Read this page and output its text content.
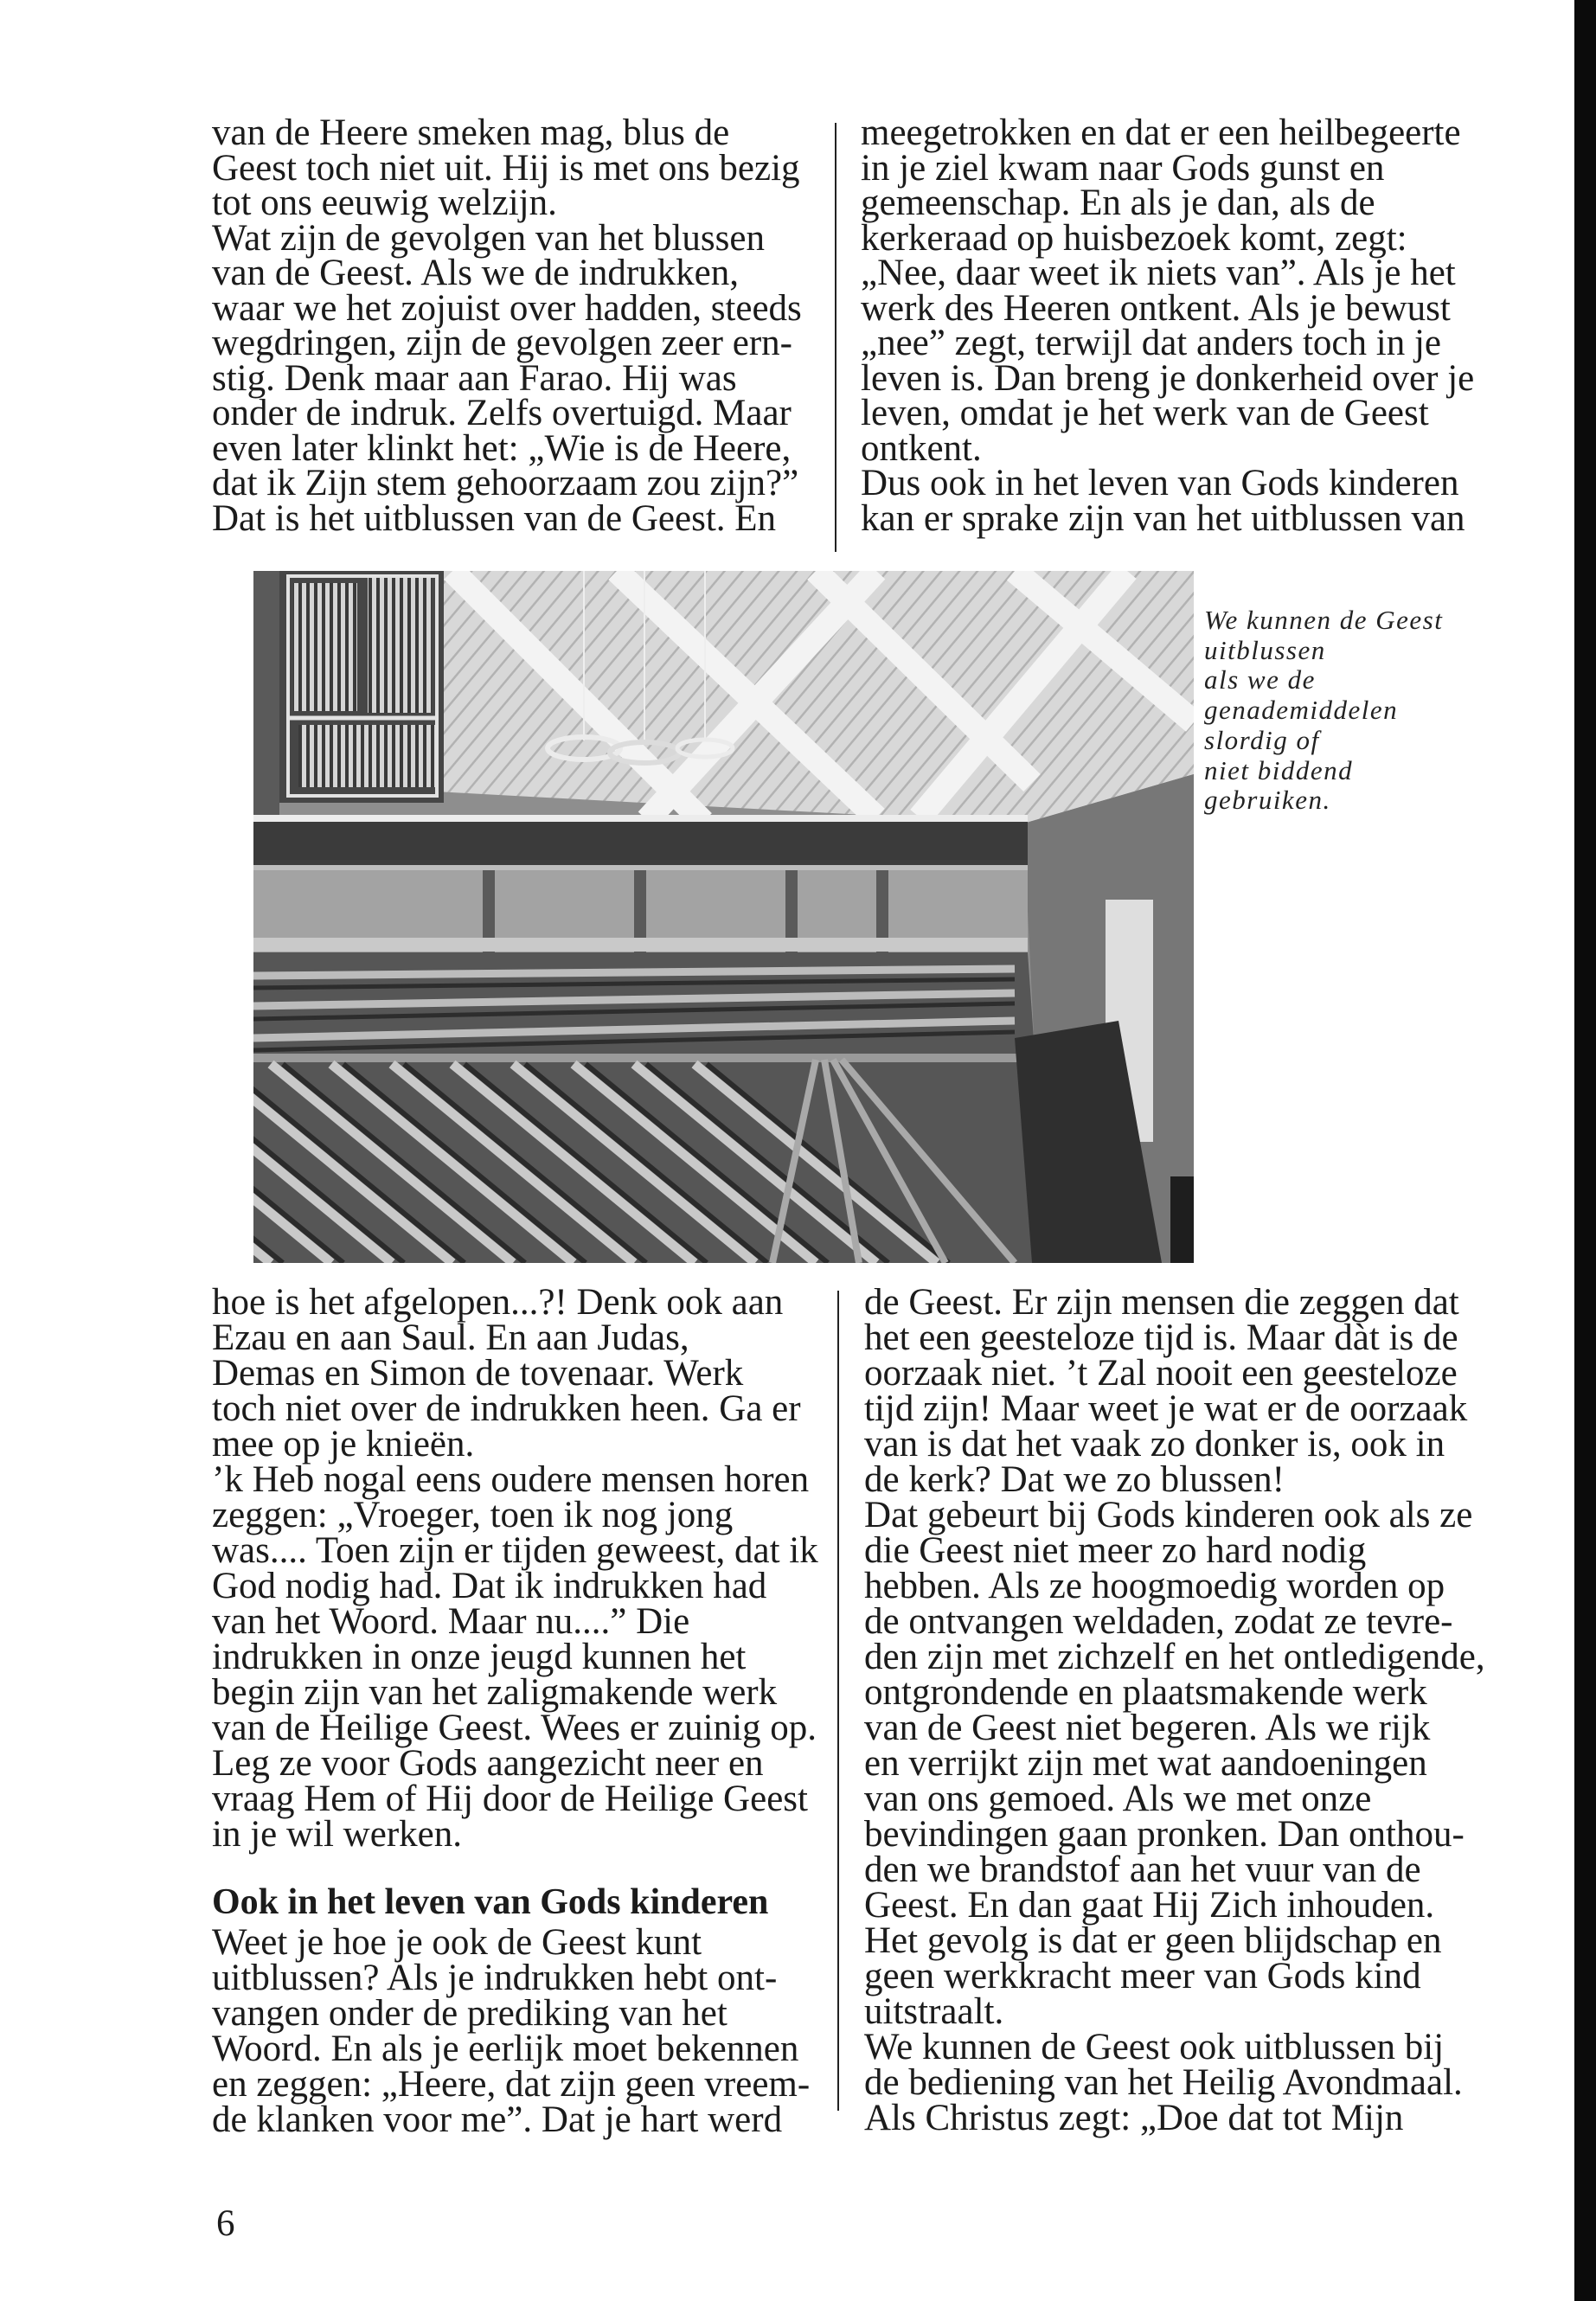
van de Heere smeken mag, blus de
Geest toch niet uit. Hij is met ons bezig
tot ons eeuwig welzijn.
Wat zijn de gevolgen van het blussen
van de Geest. Als we de indrukken,
waar we het zojuist over hadden, steeds
wegdringen, zijn de gevolgen zeer ern-
stig. Denk maar aan Farao. Hij was
onder de indruk. Zelfs overtuigd. Maar
even later klinkt het: „Wie is de Heere,
dat ik Zijn stem gehoorzaam zou zijn?”
Dat is het uitblussen van de Geest. En
meegetrokken en dat er een heilbegeerte
in je ziel kwam naar Gods gunst en
gemeenschap. En als je dan, als de
kerkeraad op huisbezoek komt, zegt:
„Nee, daar weet ik niets van”. Als je het
werk des Heeren ontkent. Als je bewust
„nee” zegt, terwijl dat anders toch in je
leven is. Dan breng je donkerheid over je
leven, omdat je het werk van de Geest
ontkent.
Dus ook in het leven van Gods kinderen
kan er sprake zijn van het uitblussen van
We kunnen de Geest
uitblussen
als we de
genademiddelen
slordig of
niet biddend
gebruiken.
hoe is het afgelopen...?! Denk ook aan
Ezau en aan Saul. En aan Judas,
Demas en Simon de tovenaar. Werk
toch niet over de indrukken heen. Ga er
mee op je knieën.
’k Heb nogal eens oudere mensen horen
zeggen: „Vroeger, toen ik nog jong
was.... Toen zijn er tijden geweest, dat ik
God nodig had. Dat ik indrukken had
van het Woord. Maar nu....” Die
indrukken in onze jeugd kunnen het
begin zijn van het zaligmakende werk
van de Heilige Geest. Wees er zuinig op.
Leg ze voor Gods aangezicht neer en
vraag Hem of Hij door de Heilige Geest
in je wil werken.
Ook in het leven van Gods kinderen
Weet je hoe je ook de Geest kunt
uitblussen? Als je indrukken hebt ont-
vangen onder de prediking van het
Woord. En als je eerlijk moet bekennen
en zeggen: „Heere, dat zijn geen vreem-
de klanken voor me”. Dat je hart werd
de Geest. Er zijn mensen die zeggen dat
het een geesteloze tijd is. Maar dàt is de
oorzaak niet. ’t Zal nooit een geesteloze
tijd zijn! Maar weet je wat er de oorzaak
van is dat het vaak zo donker is, ook in
de kerk? Dat we zo blussen!
Dat gebeurt bij Gods kinderen ook als ze
die Geest niet meer zo hard nodig
hebben. Als ze hoogmoedig worden op
de ontvangen weldaden, zodat ze tevre-
den zijn met zichzelf en het ontledigende,
ontgrondende en plaatsmakende werk
van de Geest niet begeren. Als we rijk
en verrijkt zijn met wat aandoeningen
van ons gemoed. Als we met onze
bevindingen gaan pronken. Dan onthou-
den we brandstof aan het vuur van de
Geest. En dan gaat Hij Zich inhouden.
Het gevolg is dat er geen blijdschap en
geen werkkracht meer van Gods kind
uitstraalt.
We kunnen de Geest ook uitblussen bij
de bediening van het Heilig Avondmaal.
Als Christus zegt: „Doe dat tot Mijn
6
